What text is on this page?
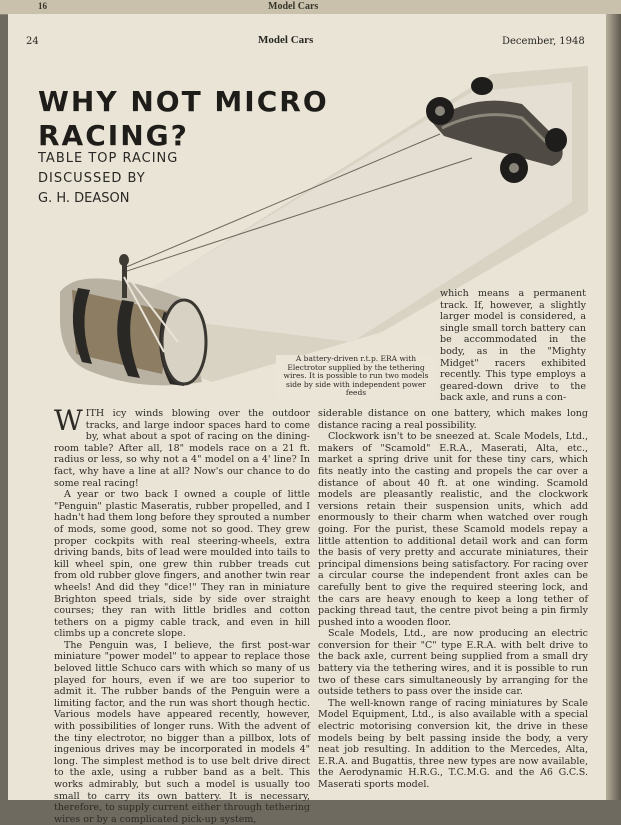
16	Model Cars
24	Model Cars	December, 1948
WHY NOT MICRO RACING?
TABLE TOP RACING
DISCUSSED BY
G. H. DEASON
A battery-driven r.t.p. ERA with Electrotor supplied by the tethering wires. It is possible to run two models side by side with independent power feeds

which means a permanent track. If, however, a slightly larger model is considered, a single small torch battery can be accommodated in the body, as in the "Mighty Midget" racers exhibited recently. This type employs a geared-down drive to the back axle, and runs a con-

WITH icy winds blowing over the outdoor tracks, and large indoor spaces hard to come by, what about a spot of racing on the dining-room table? After all, 18" models race on a 21 ft. radius or less, so why not a 4" model on a 4' line? In fact, why have a line at all? Now's our chance to do some real racing!

A year or two back I owned a couple of little "Penguin" plastic Maseratis, rubber propelled, and I hadn't had them long before they sprouted a number of mods, some good, some not so good. They grew proper cockpits with real steering-wheels, extra driving bands, bits of lead were moulded into tails to kill wheel spin, one grew thin rubber treads cut from old rubber glove fingers, and another twin rear wheels! And did they "dice!" They ran in miniature Brighton speed trials, side by side over straight courses; they ran with little bridles and cotton tethers on a pigmy cable track, and even in hill climbs up a concrete slope.

The Penguin was, I believe, the first post-war miniature "power model" to appear to replace those beloved little Schuco cars with which so many of us played for hours, even if we are too superior to admit it. The rubber bands of the Penguin were a limiting factor, and the run was short though hectic. Various models have appeared recently, however, with possibilities of longer runs. With the advent of the tiny electrotor, no bigger than a pillbox, lots of ingenious drives may be incorporated in models 4" long. The simplest method is to use belt drive direct to the axle, using a rubber band as a belt. This works admirably, but such a model is usually too small to carry its own battery. It is necessary, therefore, to supply current either through tethering wires or by a complicated pick-up system,

siderable distance on one battery, which makes long distance racing a real possibility.

Clockwork isn't to be sneezed at. Scale Models, Ltd., makers of "Scamold" E.R.A., Maserati, Alta, etc., market a spring drive unit for these tiny cars, which fits neatly into the casting and propels the car over a distance of about 40 ft. at one winding. Scamold models are pleasantly realistic, and the clockwork versions retain their suspension units, which add enormously to their charm when watched over rough going. For the purist, these Scamold models repay a little attention to additional detail work and can form the basis of very pretty and accurate miniatures, their principal dimensions being satisfactory. For racing over a circular course the independent front axles can be carefully bent to give the required steering lock, and the cars are heavy enough to keep a long tether of packing thread taut, the centre pivot being a pin firmly pushed into a wooden floor.

Scale Models, Ltd., are now producing an electric conversion for their "C" type E.R.A. with belt drive to the back axle, current being supplied from a small dry battery via the tethering wires, and it is possible to run two of these cars simultaneously by arranging for the outside tethers to pass over the inside car.

The well-known range of racing miniatures by Scale Model Equipment, Ltd., is also available with a special electric motorising conversion kit, the drive in these models being by belt passing inside the body, a very neat job resulting. In addition to the Mercedes, Alta, E.R.A. and Bugattis, three new types are now available, the Aerodynamic H.R.G., T.C.M.G. and the A6 G.C.S. Maserati sports model.
